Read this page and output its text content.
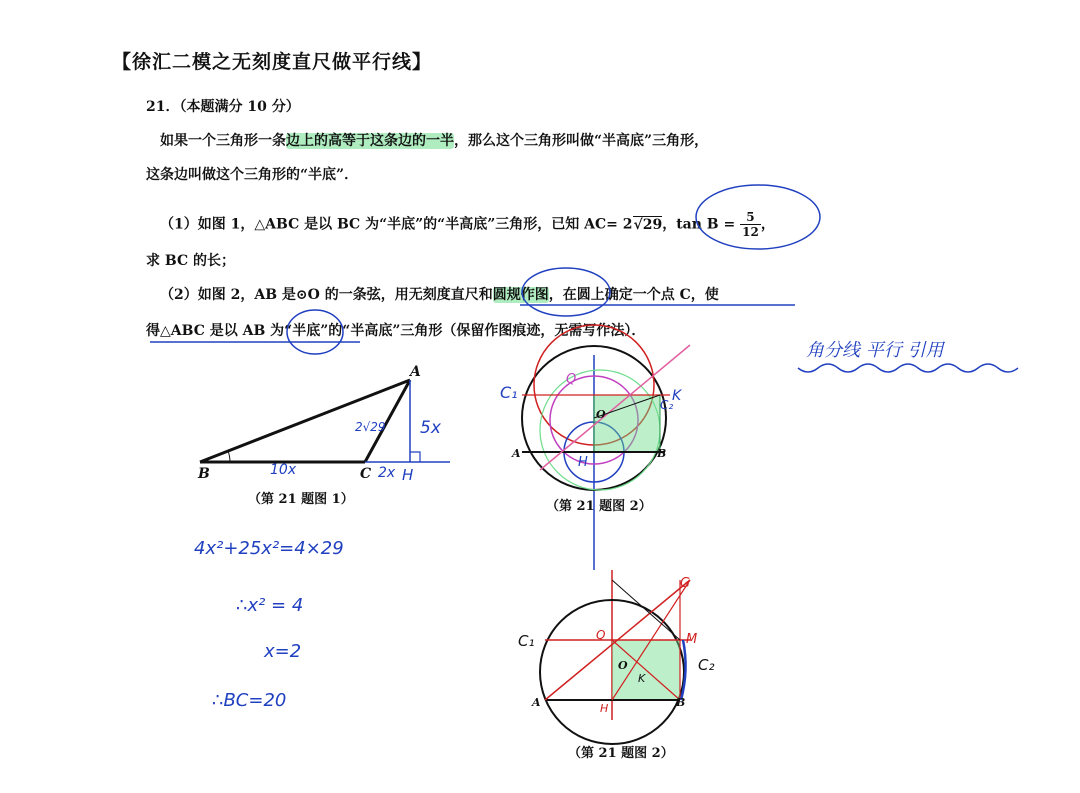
【徐汇二模之无刻度直尺做平行线】
21．（本题满分 10 分）
如果一个三角形一条边上的高等于这条边的一半，那么这个三角形叫做“半高底”三角形，
这条边叫做这个三角形的“半底”．
（1）如图 1，△ABC 是以 BC 为“半底”的“半高底”三角形，已知 AC= 2√29，$\tan B = \frac{5}{12}$ ，
求 BC 的长；
（2）如图 2，AB 是⊙O 的一条弦，用无刻度直尺和圆规作图，在圆上确定一个点 C，使
得△ABC 是以 AB 为“半底”的“半高底”三角形（保留作图痕迹，无需写作法）．
A
B	C H
2√29 5x
10x	2x
（第 21 题图 1）
A	B
O
C₁
C₂
Q
H
K
（第 21 题图 2）
A	B
O
C₁
C₂
Q
H
K
M
G
（第 21 题图 2）
角分线 平行 引用
4x²+25x²=4×29
∴x² = 4
x=2
∴BC=20
